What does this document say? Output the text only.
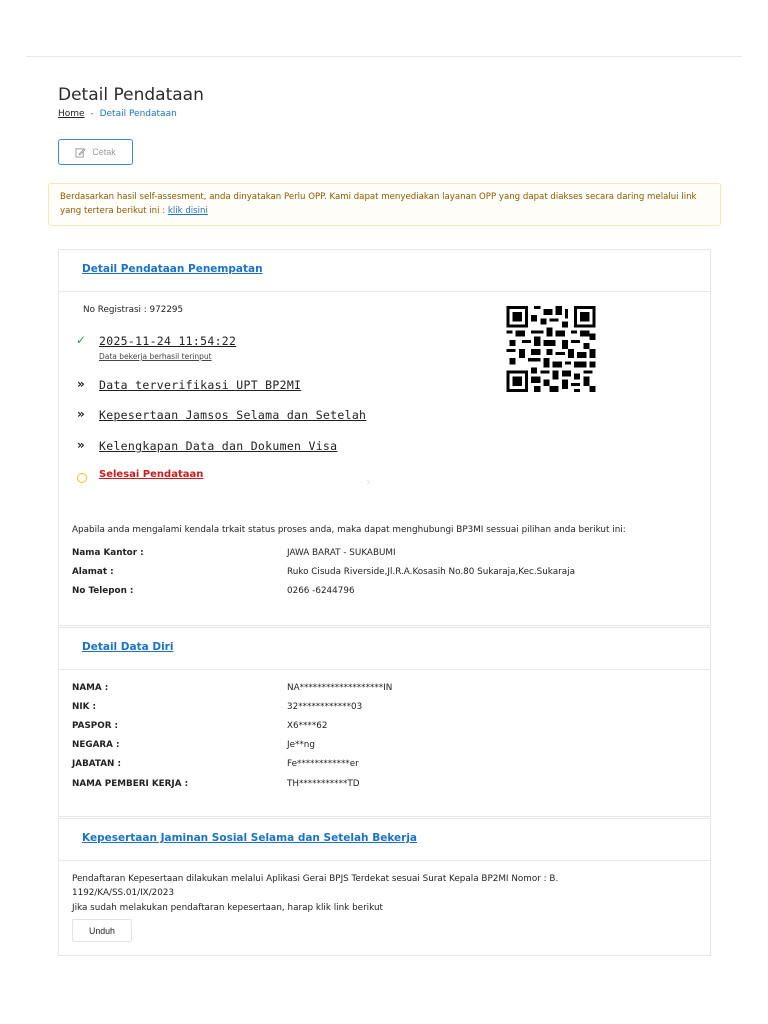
Detail Pendataan
Home - Detail Pendataan
Cetak
Berdasarkan hasil self-assesment, anda dinyatakan Perlu OPP. Kami dapat menyediakan layanan OPP yang dapat diakses secara daring melalui link yang tertera berikut ini : klik disini
Detail Pendataan Penempatan
No Registrasi : 972295
✓ 2025-11-24 11:54:22
Data bekerja berhasil terinput
» Data terverifikasi UPT BP2MI
» Kepesertaan Jamsos Selama dan Setelah
» Kelengkapan Data dan Dokumen Visa
Selesai Pendataan
›
Apabila anda mengalami kendala trkait status proses anda, maka dapat menghubungi BP3MI sessuai pilihan anda berikut ini:
Nama Kantor :	JAWA BARAT - SUKABUMI
Alamat :	Ruko Cisuda Riverside,Jl.R.A.Kosasih No.80 Sukaraja,Kec.Sukaraja
No Telepon :	0266 -6244796
Detail Data Diri
NAMA :	NA*******************IN
NIK :	32************03
PASPOR :	X6****62
NEGARA :	Je**ng
JABATAN :	Fe************er
NAMA PEMBERI KERJA :	TH***********TD
Kepesertaan Jaminan Sosial Selama dan Setelah Bekerja
Pendaftaran Kepesertaan dilakukan melalui Aplikasi Gerai BPJS Terdekat sesuai Surat Kepala BP2MI Nomor : B.
1192/KA/SS.01/IX/2023
Jika sudah melakukan pendaftaran kepesertaan, harap klik link berikut
Unduh
